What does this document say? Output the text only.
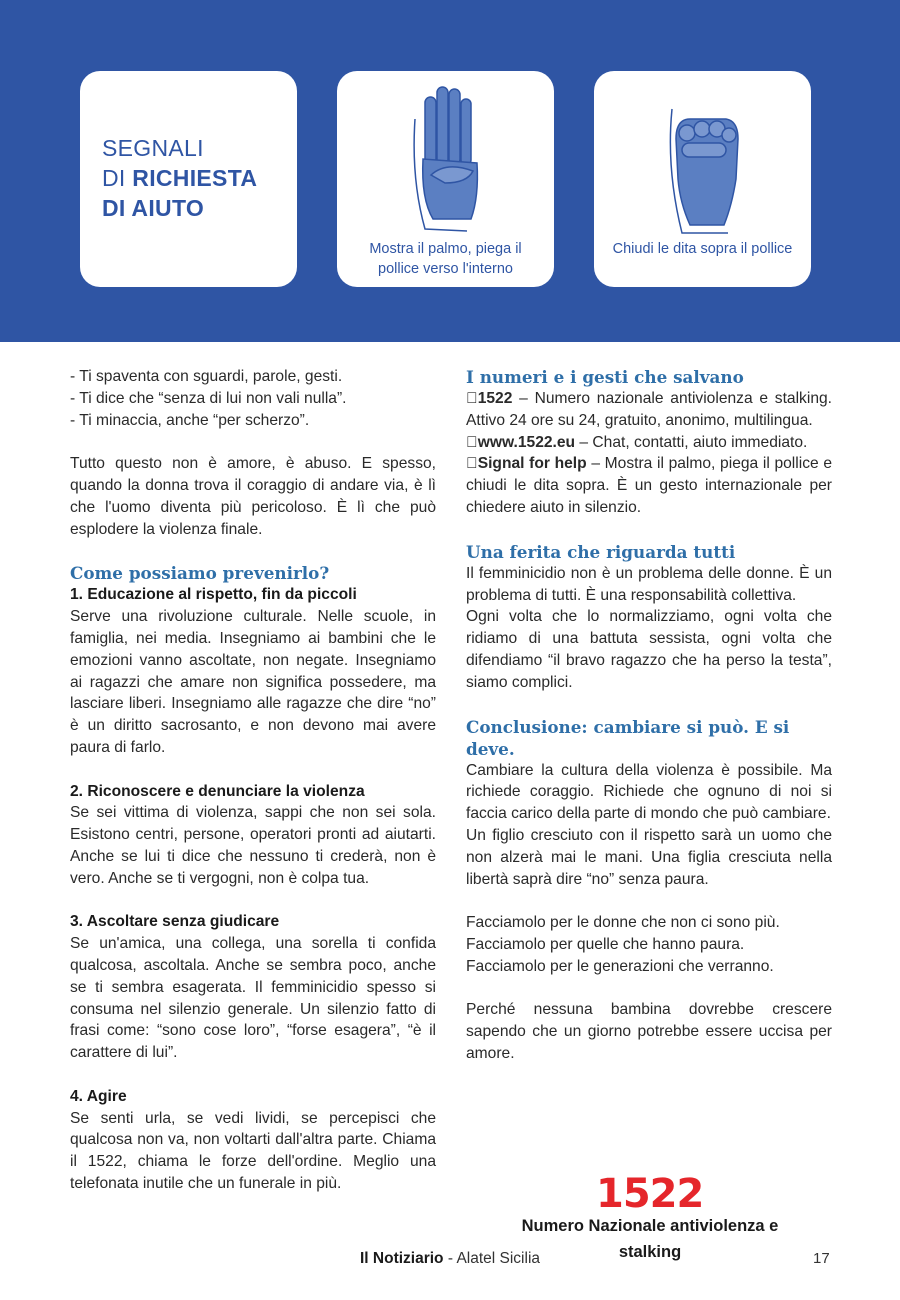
SEGNALI
DI RICHIESTA
DI AIUTO
Mostra il palmo, piega il pollice verso l'interno
Chiudi le dita sopra il pollice
- Ti spaventa con sguardi, parole, gesti.
- Ti dice che “senza di lui non vali nulla”.
- Ti minaccia, anche “per scherzo”.
Tutto questo non è amore, è abuso. E spesso, quando la donna trova il coraggio di andare via, è lì che l'uomo diventa più pericoloso. È lì che può esplodere la violenza finale.
Come possiamo prevenirlo?
1. Educazione al rispetto, fin da piccoli
Serve una rivoluzione culturale. Nelle scuole, in famiglia, nei media. Insegniamo ai bambini che le emozioni vanno ascoltate, non negate. Insegniamo ai ragazzi che amare non significa possedere, ma lasciare liberi. Insegniamo alle ragazze che dire “no” è un diritto sacrosanto, e non devono mai avere paura di farlo.
2. Riconoscere e denunciare la violenza
Se sei vittima di violenza, sappi che non sei sola. Esistono centri, persone, operatori pronti ad aiutarti. Anche se lui ti dice che nessuno ti crederà, non è vero. Anche se ti vergogni, non è colpa tua.
3. Ascoltare senza giudicare
Se un'amica, una collega, una sorella ti confida qualcosa, ascoltala. Anche se sembra poco, anche se ti sembra esagerata. Il femminicidio spesso si consuma nel silenzio generale. Un silenzio fatto di frasi come: “sono cose loro”, “forse esagera”, “è il carattere di lui”.
4. Agire
Se senti urla, se vedi lividi, se percepisci che qualcosa non va, non voltarti dall'altra parte. Chiama il 1522, chiama le forze dell'ordine. Meglio una telefonata inutile che un funerale in più.
I numeri e i gesti che salvano
 1522 – Numero nazionale antiviolenza e stalking. Attivo 24 ore su 24, gratuito, anonimo, multilingua.
 www.1522.eu – Chat, contatti, aiuto immediato.
 Signal for help – Mostra il palmo, piega il pollice e chiudi le dita sopra. È un gesto internazionale per chiedere aiuto in silenzio.
Una ferita che riguarda tutti
Il femminicidio non è un problema delle donne. È un problema di tutti. È una responsabilità collettiva.
Ogni volta che lo normalizziamo, ogni volta che ridiamo di una battuta sessista, ogni volta che difendiamo “il bravo ragazzo che ha perso la testa”, siamo complici.
Conclusione: cambiare si può. E si deve.
Cambiare la cultura della violenza è possibile. Ma richiede coraggio. Richiede che ognuno di noi si faccia carico della parte di mondo che può cambiare.
Un figlio cresciuto con il rispetto sarà un uomo che non alzerà mai le mani. Una figlia cresciuta nella libertà saprà dire “no” senza paura.
Facciamolo per le donne che non ci sono più.
Facciamolo per quelle che hanno paura.
Facciamolo per le generazioni che verranno.
Perché nessuna bambina dovrebbe crescere sapendo che un giorno potrebbe essere uccisa per amore.
1522
Numero Nazionale antiviolenza e stalking
Il Notiziario - Alatel Sicilia	17
